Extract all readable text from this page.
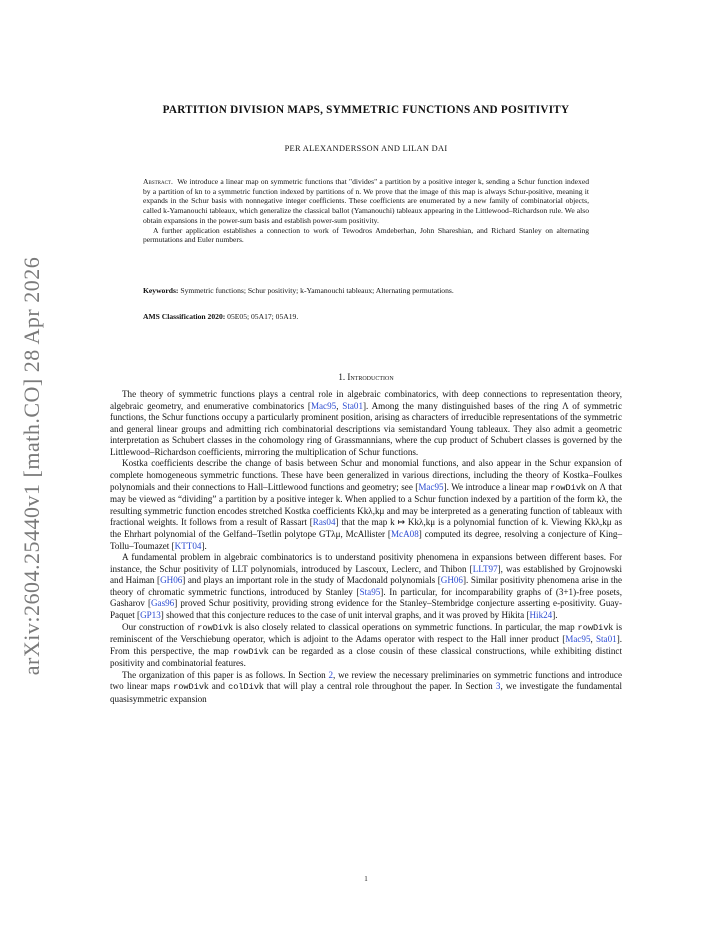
arXiv:2604.25440v1 [math.CO] 28 Apr 2026
PARTITION DIVISION MAPS, SYMMETRIC FUNCTIONS AND POSITIVITY
PER ALEXANDERSSON AND LILAN DAI

Abstract. We introduce a linear map on symmetric functions that "divides" a partition by a positive integer k, sending a Schur function indexed by a partition of kn to a symmetric function indexed by partitions of n. We prove that the image of this map is always Schur-positive, meaning it expands in the Schur basis with nonnegative integer coefficients. These coefficients are enumerated by a new family of combinatorial objects, called k-Yamanouchi tableaux, which generalize the classical ballot (Yamanouchi) tableaux appearing in the Littlewood–Richardson rule. We also obtain expansions in the power-sum basis and establish power-sum positivity.

A further application establishes a connection to work of Tewodros Amdeberhan, John Shareshian, and Richard Stanley on alternating permutations and Euler numbers.

Keywords: Symmetric functions; Schur positivity; k-Yamanouchi tableaux; Alternating permutations.
AMS Classification 2020: 05E05; 05A17; 05A19.
1. Introduction

The theory of symmetric functions plays a central role in algebraic combinatorics, with deep connections to representation theory, algebraic geometry, and enumerative combinatorics [Mac95, Sta01]. Among the many distinguished bases of the ring Λ of symmetric functions, the Schur functions occupy a particularly prominent position, arising as characters of irreducible representations of the symmetric and general linear groups and admitting rich combinatorial descriptions via semistandard Young tableaux. They also admit a geometric interpretation as Schubert classes in the cohomology ring of Grassmannians, where the cup product of Schubert classes is governed by the Littlewood–Richardson coefficients, mirroring the multiplication of Schur functions.

Kostka coefficients describe the change of basis between Schur and monomial functions, and also appear in the Schur expansion of complete homogeneous symmetric functions. These have been generalized in various directions, including the theory of Kostka–Foulkes polynomials and their connections to Hall–Littlewood functions and geometry; see [Mac95]. We introduce a linear map rowDivk on Λ that may be viewed as “dividing” a partition by a positive integer k. When applied to a Schur function indexed by a partition of the form kλ, the resulting symmetric function encodes stretched Kostka coefficients Kkλ,kμ and may be interpreted as a generating function of tableaux with fractional weights. It follows from a result of Rassart [Ras04] that the map k ↦ Kkλ,kμ is a polynomial function of k. Viewing Kkλ,kμ as the Ehrhart polynomial of the Gelfand–Tsetlin polytope GTλμ, McAllister [McA08] computed its degree, resolving a conjecture of King–Tollu–Toumazet [KTT04].

A fundamental problem in algebraic combinatorics is to understand positivity phenomena in expansions between different bases. For instance, the Schur positivity of LLT polynomials, introduced by Lascoux, Leclerc, and Thibon [LLT97], was established by Grojnowski and Haiman [GH06] and plays an important role in the study of Macdonald polynomials [GH06]. Similar positivity phenomena arise in the theory of chromatic symmetric functions, introduced by Stanley [Sta95]. In particular, for incomparability graphs of (3+1)-free posets, Gasharov [Gas96] proved Schur positivity, providing strong evidence for the Stanley–Stembridge conjecture asserting e-positivity. Guay-Paquet [GP13] showed that this conjecture reduces to the case of unit interval graphs, and it was proved by Hikita [Hik24].

Our construction of rowDivk is also closely related to classical operations on symmetric functions. In particular, the map rowDivk is reminiscent of the Verschiebung operator, which is adjoint to the Adams operator with respect to the Hall inner product [Mac95, Sta01]. From this perspective, the map rowDivk can be regarded as a close cousin of these classical constructions, while exhibiting distinct positivity and combinatorial features.

The organization of this paper is as follows. In Section 2, we review the necessary preliminaries on symmetric functions and introduce two linear maps rowDivk and colDivk that will play a central role throughout the paper. In Section 3, we investigate the fundamental quasisymmetric expansion

1
